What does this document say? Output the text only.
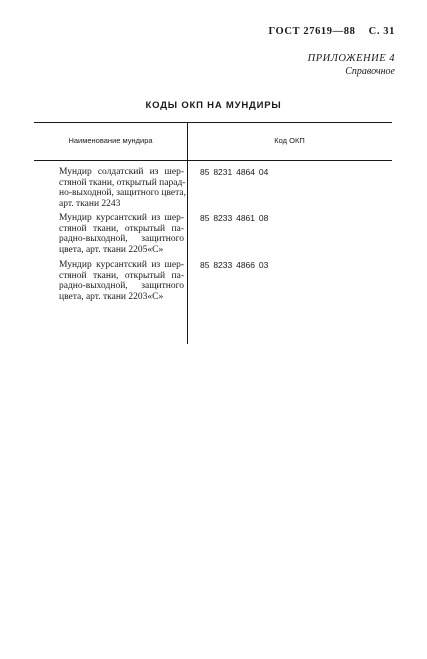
ГОСТ 27619—88 С. 31
ПРИЛОЖЕНИЕ 4
Справочное
КОДЫ ОКП НА МУНДИРЫ
Наименование мундира	Код ОКП
Мундир солдатский из шер-
стяной ткани, открытый парад-
но-выходной, защитного цвета,
арт. ткани 2243
85 8231 4864 04
Мундир курсантский из шер-
стяной ткани, открытый па-
радно-выходной, защитного
цвета, арт. ткани 2205«С»
85 8233 4861 08
Мундир курсантский из шер-
стяной ткани, открытый па-
радно-выходной, защитного
цвета, арт. ткани 2203«С»
85 8233 4866 03
